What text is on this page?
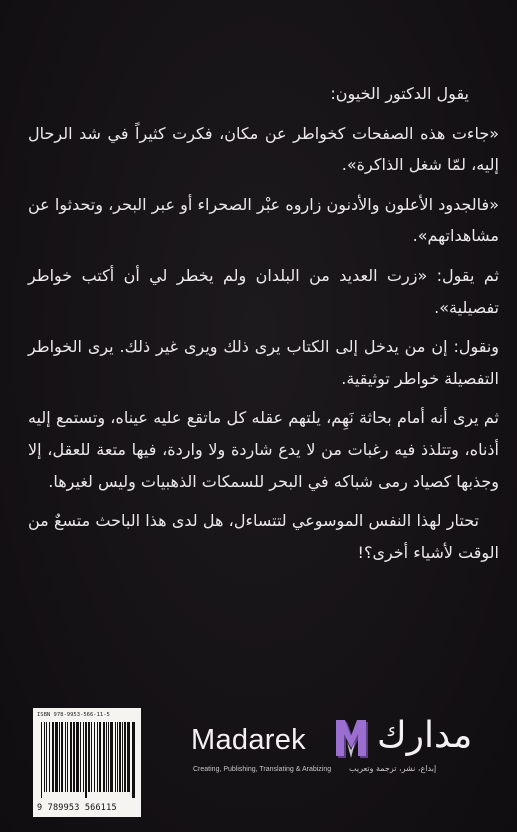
يقول الدكتور الخيون:

«جاءت هذه الصفحات كخواطر عن مكان، فكرت كثيراً في شد الرحال إليه، لمّا شغل الذاكرة».

«فالجدود الأعلون والأدنون زاروه عبْر الصحراء أو عبر البحر، وتحدثوا عن مشاهداتهم».

ثم يقول: «زرت العديد من البلدان ولم يخطر لي أن أكتب خواطر تفصيلية».

ونقول: إن من يدخل إلى الكتاب يرى ذلك ويرى غير ذلك. يرى الخواطر التفصيلة خواطر توثيقية.

ثم يرى أنه أمام بحاثة نَهِم، يلتهم عقله كل ماتقع عليه عيناه، وتستمع إليه أذناه، وتتلذذ فيه رغبات من لا يدع شاردة ولا واردة، فيها متعة للعقل، إلا وجذبها كصياد رمى شباكه في البحر للسمكات الذهبيات وليس لغيرها.

تحتار لهذا النفس الموسوعي لتتساءل، هل لدى هذا الباحث متسعٌ من الوقت لأشياء أخرى؟!

ISBN 978-9953-566-11-5
9 789953 566115
Madarek مدارك
Creating, Publishing, Translating & Arabizing إبداع، نشر، ترجمة وتعريب
